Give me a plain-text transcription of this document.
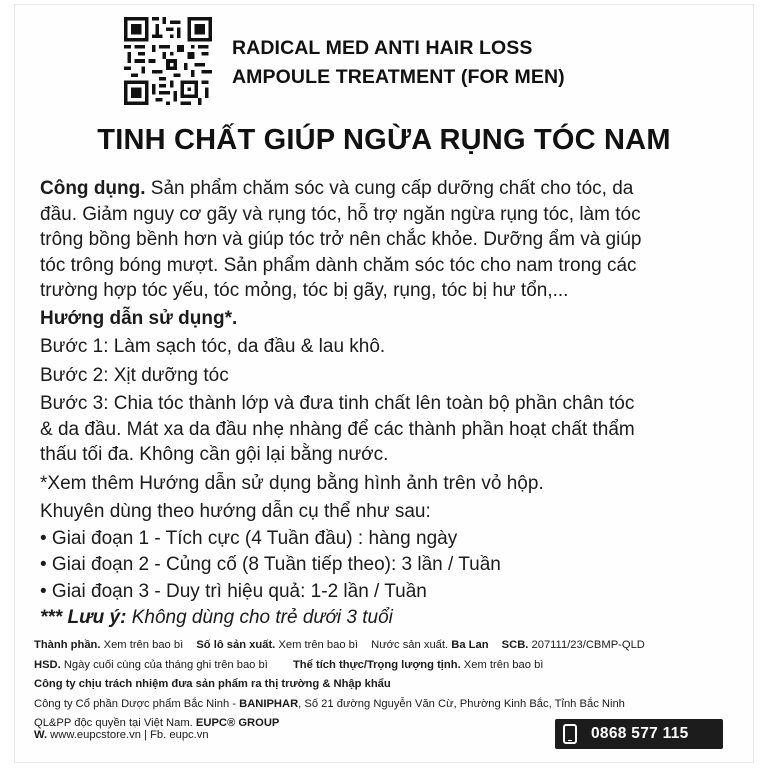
RADICAL MED ANTI HAIR LOSS
AMPOULE TREATMENT (FOR MEN)
TINH CHẤT GIÚP NGỪA RỤNG TÓC NAM
Công dụng. Sản phẩm chăm sóc và cung cấp dưỡng chất cho tóc, da
đầu. Giảm nguy cơ gãy và rụng tóc, hỗ trợ ngăn ngừa rụng tóc, làm tóc
trông bồng bềnh hơn và giúp tóc trở nên chắc khỏe. Dưỡng ẩm và giúp
tóc trông bóng mượt. Sản phẩm dành chăm sóc tóc cho nam trong các
trường hợp tóc yếu, tóc mỏng, tóc bị gãy, rụng, tóc bị hư tổn,...
Hướng dẫn sử dụng*.
Bước 1: Làm sạch tóc, da đầu & lau khô.
Bước 2: Xịt dưỡng tóc
Bước 3: Chia tóc thành lớp và đưa tinh chất lên toàn bộ phần chân tóc
& da đầu. Mát xa da đầu nhẹ nhàng để các thành phần hoạt chất thẩm
thấu tối đa. Không cần gội lại bằng nước.
*Xem thêm Hướng dẫn sử dụng bằng hình ảnh trên vỏ hộp.
Khuyên dùng theo hướng dẫn cụ thể như sau:
• Giai đoạn 1 - Tích cực (4 Tuần đầu) : hàng ngày
• Giai đoạn 2 - Củng cố (8 Tuần tiếp theo): 3 lần / Tuần
• Giai đoạn 3 - Duy trì hiệu quả: 1-2 lần / Tuần
*** Lưu ý: Không dùng cho trẻ dưới 3 tuổi
Thành phần. Xem trên bao bì Số lô sản xuất. Xem trên bao bì Nước sản xuất. Ba Lan SCB. 207111/23/CBMP-QLD
HSD. Ngày cuối cùng của tháng ghi trên bao bì Thể tích thực/Trọng lượng tịnh. Xem trên bao bì
Công ty chịu trách nhiệm đưa sản phẩm ra thị trường & Nhập khẩu
Công ty Cổ phần Dược phẩm Bắc Ninh - BANIPHAR, Số 21 đường Nguyễn Văn Cừ, Phường Kinh Bắc, Tỉnh Bắc Ninh
QL&PP độc quyền tại Việt Nam. EUPC® GROUP
W. www.eupcstore.vn | Fb. eupc.vn	0868 577 115
